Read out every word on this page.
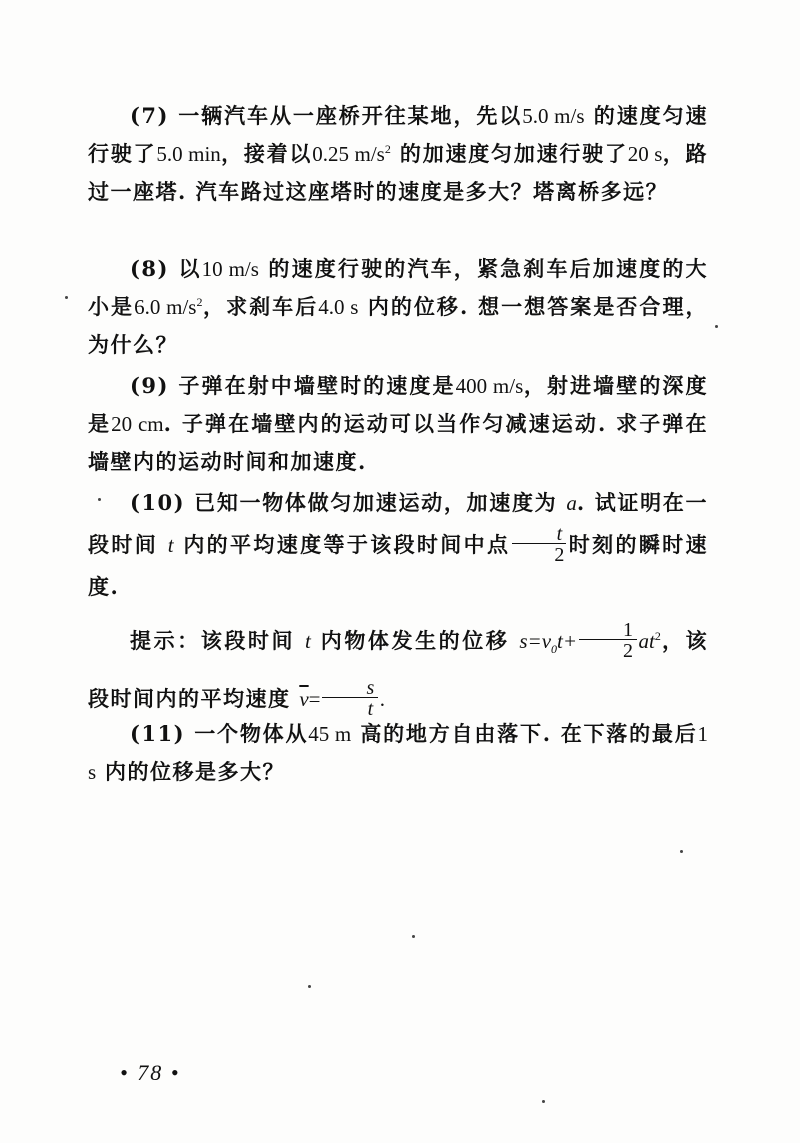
(7) 一辆汽车从一座桥开往某地，先以5.0 m/s 的速度匀速行驶了5.0 min，接着以0.25 $m/s^2$ 的加速度匀加速行驶了20 s，路过一座塔. 汽车路过这座塔时的速度是多大？塔离桥多远？
(8) 以10 m/s 的速度行驶的汽车，紧急刹车后加速度的大小是6.0 $m/s^2$，求刹车后4.0 s 内的位移. 想一想答案是否合理，为什么？
(9) 子弹在射中墙壁时的速度是400 m/s，射进墙壁的深度是20 cm. 子弹在墙壁内的运动可以当作匀减速运动. 求子弹在墙壁内的运动时间和加速度.
(10) 已知一物体做匀加速运动，加速度为 a. 试证明在一段时间 t 内的平均速度等于该段时间中点 $\frac{t}{2}$ 时刻的瞬时速度.
提示：该段时间 t 内物体发生的位移 $s=v_0t+ \frac{1}{2} at^2$，该段时间内的平均速度 $\overline{v}= \frac{s}{t}$ .
(11) 一个物体从45 m 高的地方自由落下. 在下落的最后1 s 内的位移是多大？
• 78 •
